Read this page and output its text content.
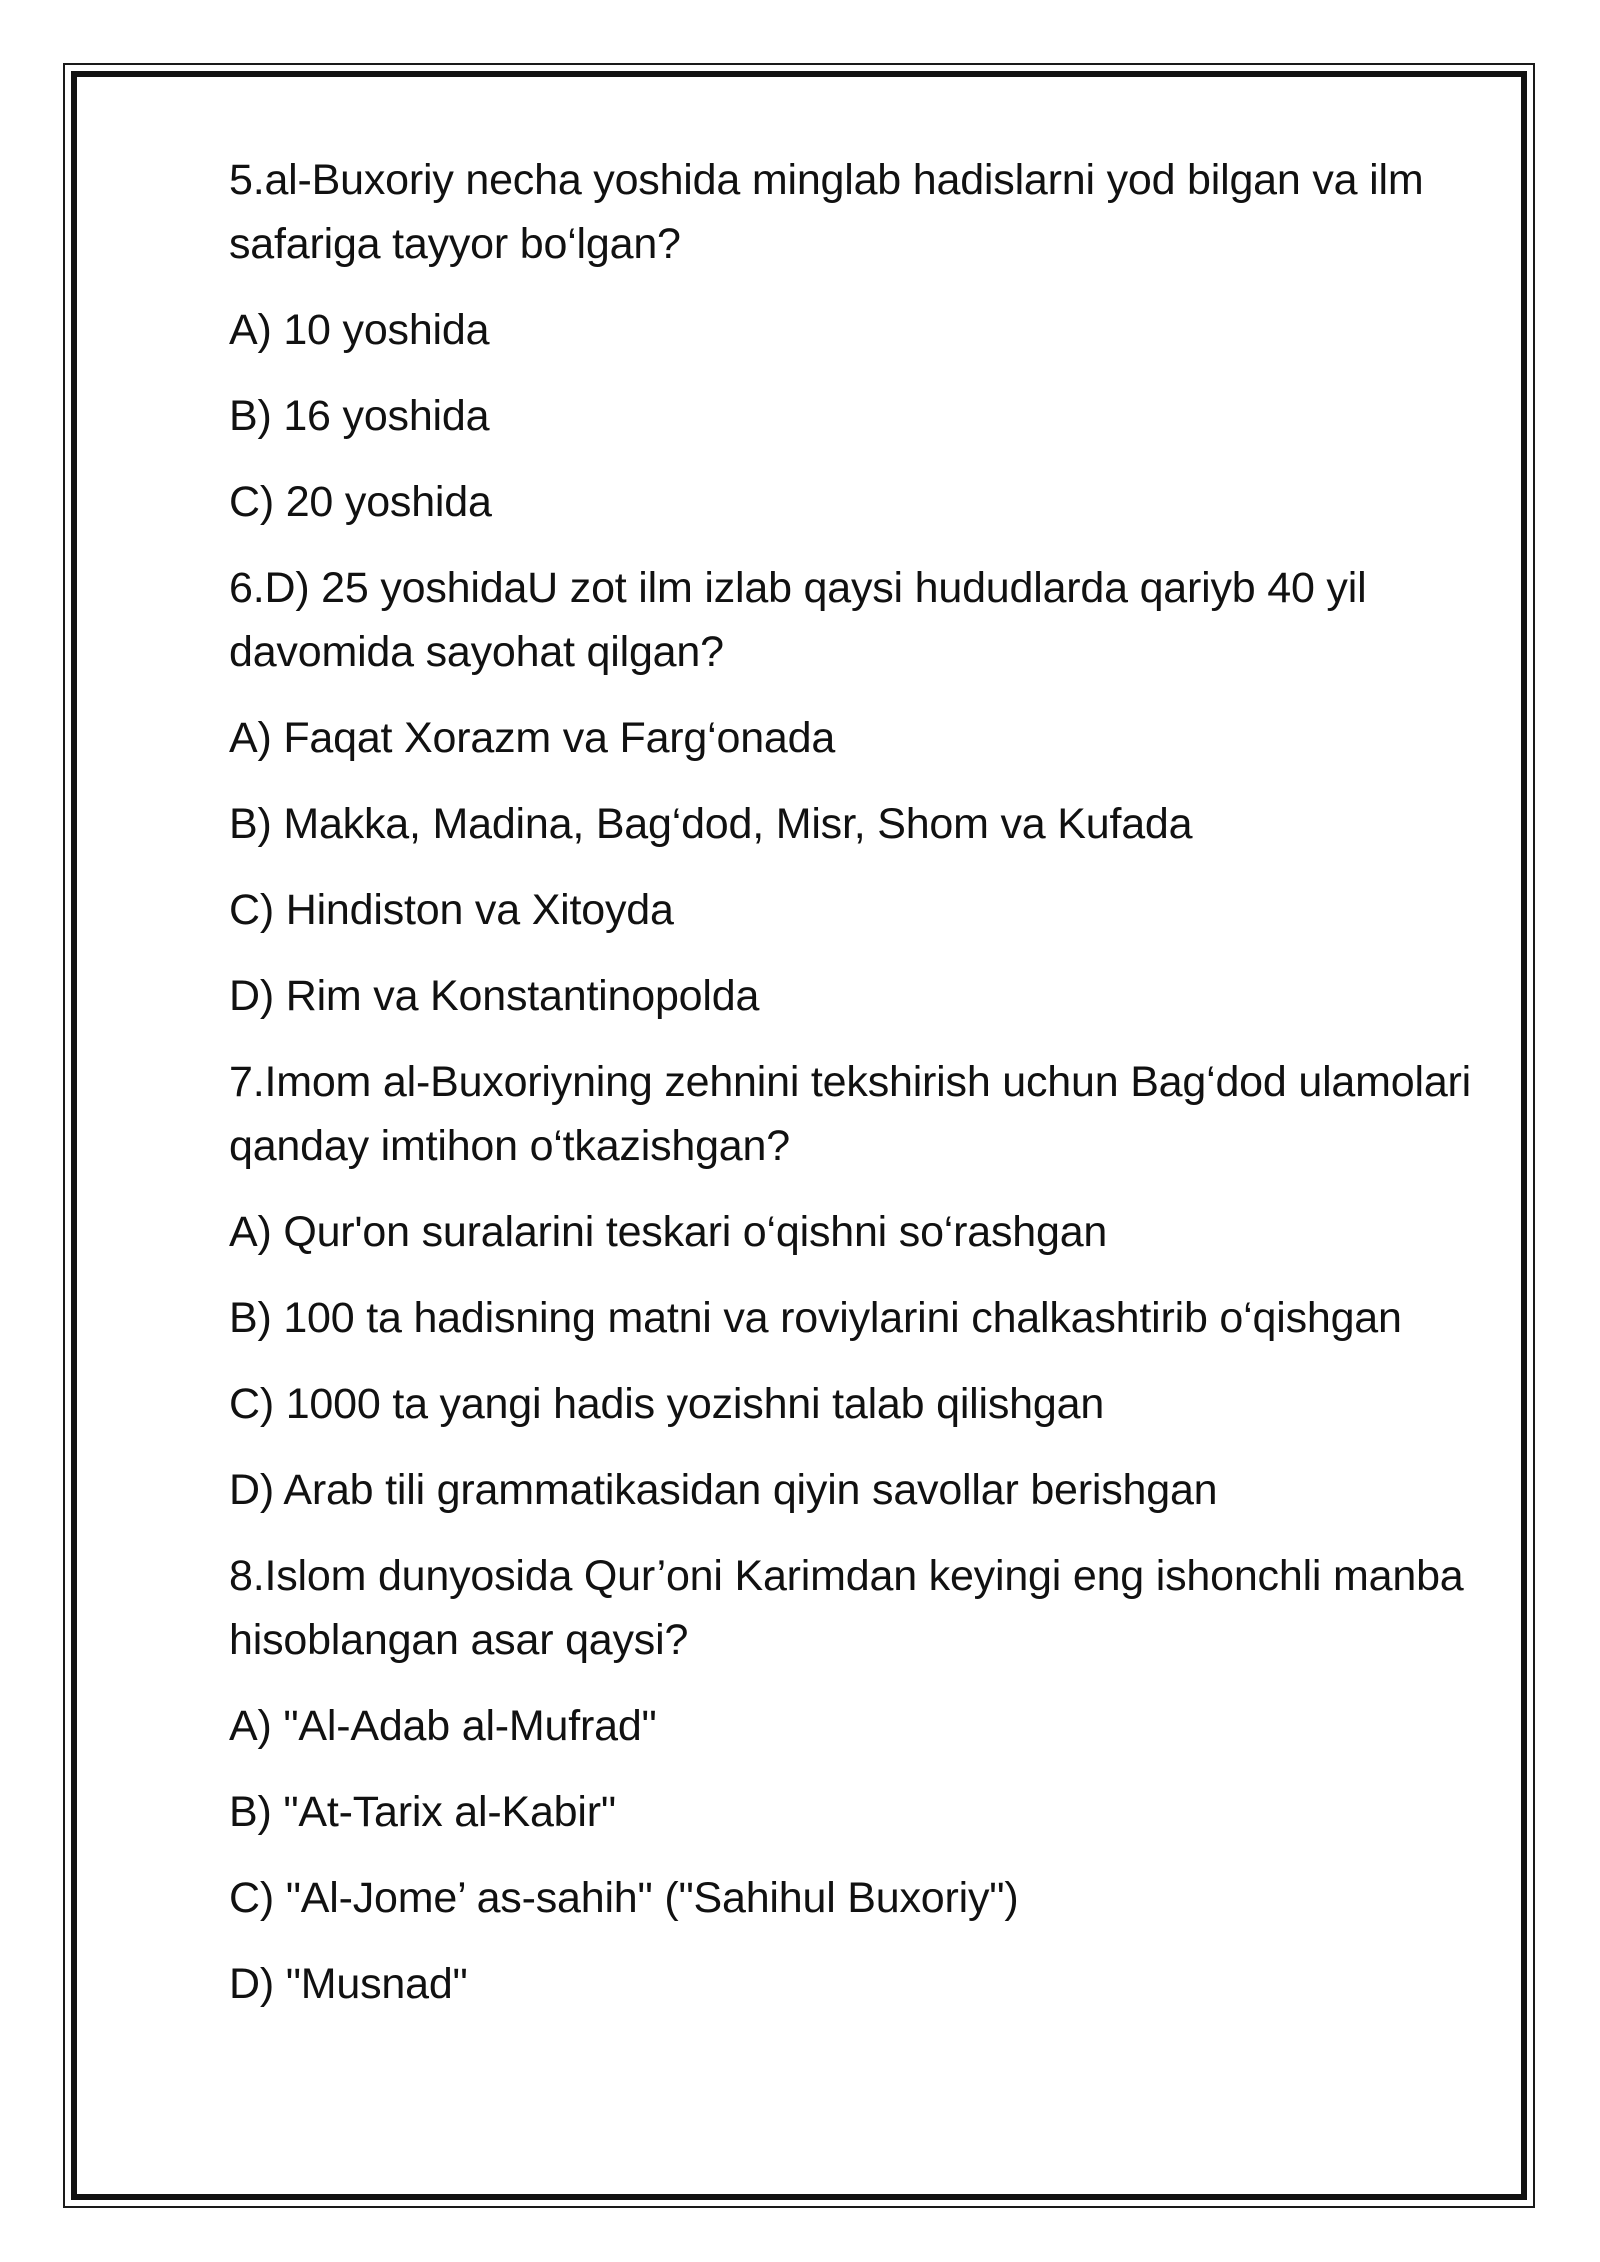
5.al-Buxoriy necha yoshida minglab hadislarni yod bilgan va ilm safariga tayyor bo‘lgan?

A) 10 yoshida

B) 16 yoshida

C) 20 yoshida

6.D) 25 yoshidaU zot ilm izlab qaysi hududlarda qariyb 40 yil davomida sayohat qilgan?

A) Faqat Xorazm va Farg‘onada

B) Makka, Madina, Bag‘dod, Misr, Shom va Kufada

C) Hindiston va Xitoyda

D) Rim va Konstantinopolda

7.Imom al-Buxoriyning zehnini tekshirish uchun Bag‘dod ulamolari qanday imtihon o‘tkazishgan?

A) Qur'on suralarini teskari o‘qishni so‘rashgan

B) 100 ta hadisning matni va roviylarini chalkashtirib o‘qishgan

C) 1000 ta yangi hadis yozishni talab qilishgan

D) Arab tili grammatikasidan qiyin savollar berishgan

8.Islom dunyosida Qur’oni Karimdan keyingi eng ishonchli manba hisoblangan asar qaysi?

A) "Al-Adab al-Mufrad"

B) "At-Tarix al-Kabir"

C) "Al-Jome’ as-sahih" ("Sahihul Buxoriy")

D) "Musnad"
